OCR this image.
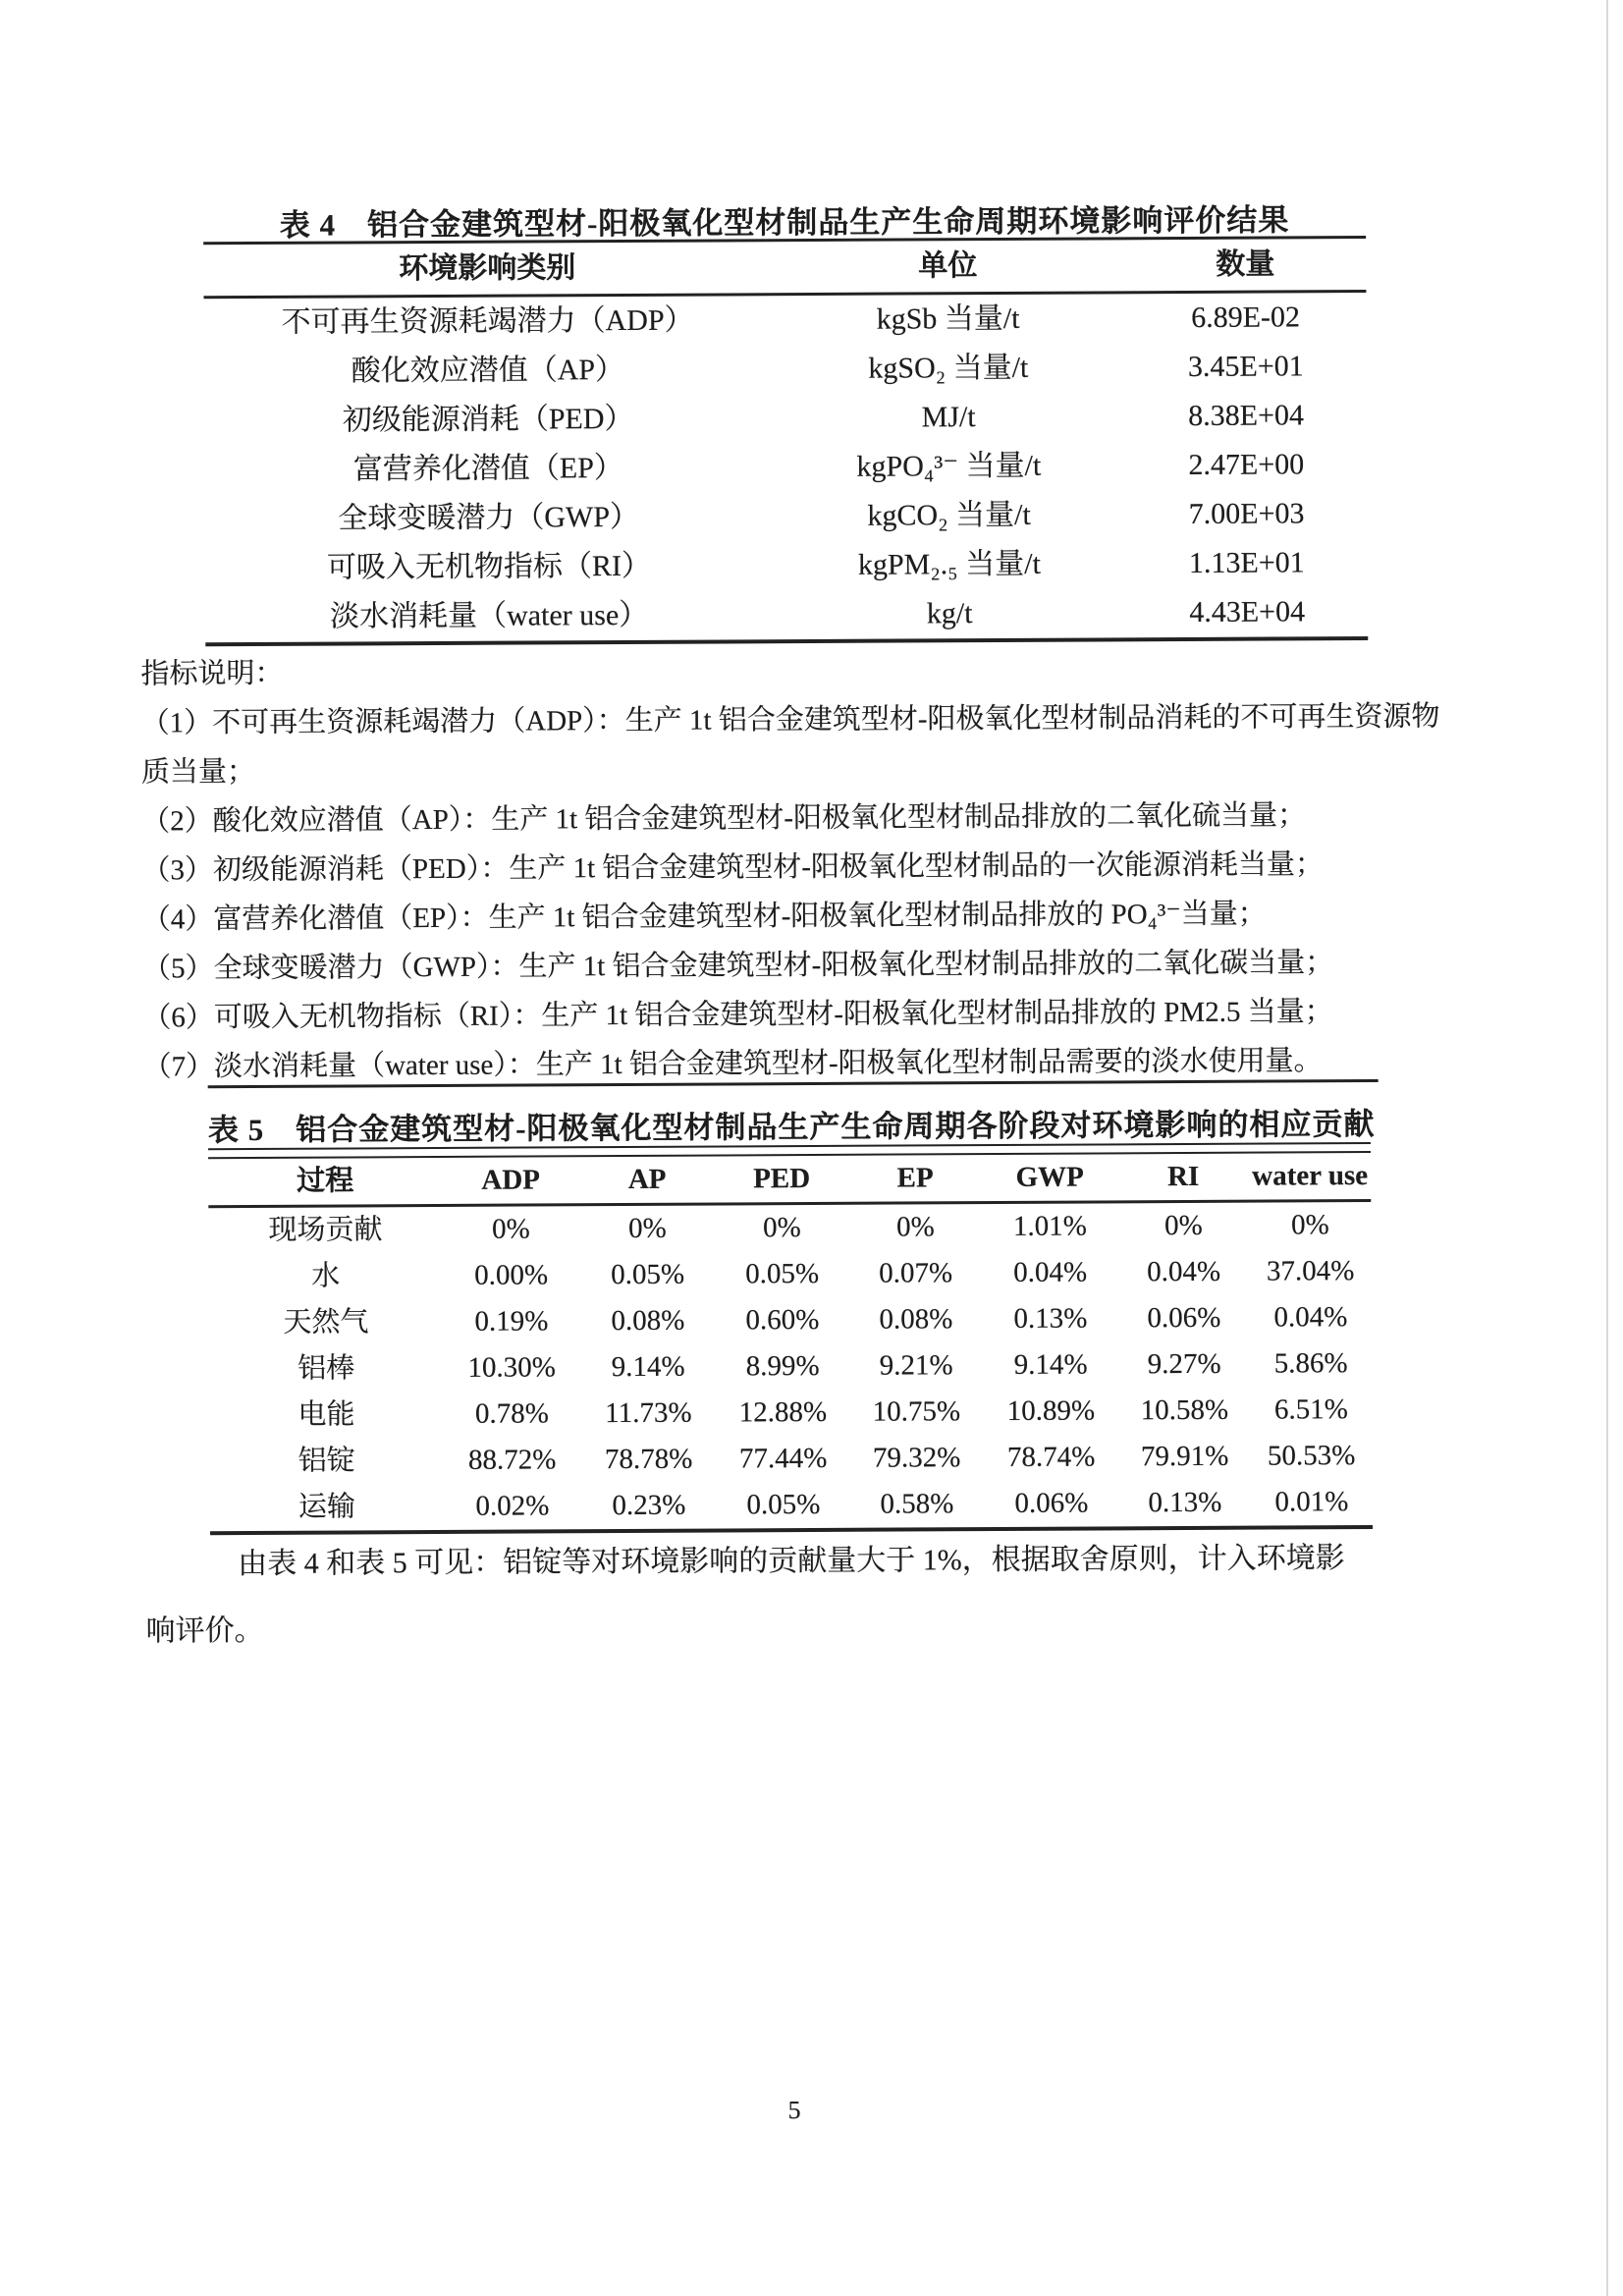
表 4　铝合金建筑型材-阳极氧化型材制品生产生命周期环境影响评价结果
环境影响类别	单位	数量
不可再生资源耗竭潜力（ADP）	kgSb 当量/t	6.89E-02
酸化效应潜值（AP）	kgSO₂ 当量/t	3.45E+01
初级能源消耗（PED）	MJ/t	8.38E+04
富营养化潜值（EP）	kgPO₄³⁻ 当量/t	2.47E+00
全球变暖潜力（GWP）	kgCO₂ 当量/t	7.00E+03
可吸入无机物指标（RI）	kgPM₂.₅ 当量/t	1.13E+01
淡水消耗量（water use）	kg/t	4.43E+04
指标说明：
（1）不可再生资源耗竭潜力（ADP）：生产 1t 铝合金建筑型材-阳极氧化型材制品消耗的不可再生资源物
质当量；
（2）酸化效应潜值（AP）：生产 1t 铝合金建筑型材-阳极氧化型材制品排放的二氧化硫当量；
（3）初级能源消耗（PED）：生产 1t 铝合金建筑型材-阳极氧化型材制品的一次能源消耗当量；
（4）富营养化潜值（EP）：生产 1t 铝合金建筑型材-阳极氧化型材制品排放的 PO₄³⁻当量；
（5）全球变暖潜力（GWP）：生产 1t 铝合金建筑型材-阳极氧化型材制品排放的二氧化碳当量；
（6）可吸入无机物指标（RI）：生产 1t 铝合金建筑型材-阳极氧化型材制品排放的 PM2.5 当量；
（7）淡水消耗量（water use）：生产 1t 铝合金建筑型材-阳极氧化型材制品需要的淡水使用量。
表 5　铝合金建筑型材-阳极氧化型材制品生产生命周期各阶段对环境影响的相应贡献
过程	ADP	AP	PED	EP	GWP	RI	water use
现场贡献	0%	0%	0%	0%	1.01%	0%	0%
水	0.00%	0.05%	0.05%	0.07%	0.04%	0.04%	37.04%
天然气	0.19%	0.08%	0.60%	0.08%	0.13%	0.06%	0.04%
铝棒	10.30%	9.14%	8.99%	9.21%	9.14%	9.27%	5.86%
电能	0.78%	11.73%	12.88%	10.75%	10.89%	10.58%	6.51%
铝锭	88.72%	78.78%	77.44%	79.32%	78.74%	79.91%	50.53%
运输	0.02%	0.23%	0.05%	0.58%	0.06%	0.13%	0.01%
由表 4 和表 5 可见：铝锭等对环境影响的贡献量大于 1%，根据取舍原则，计入环境影
响评价。
5
